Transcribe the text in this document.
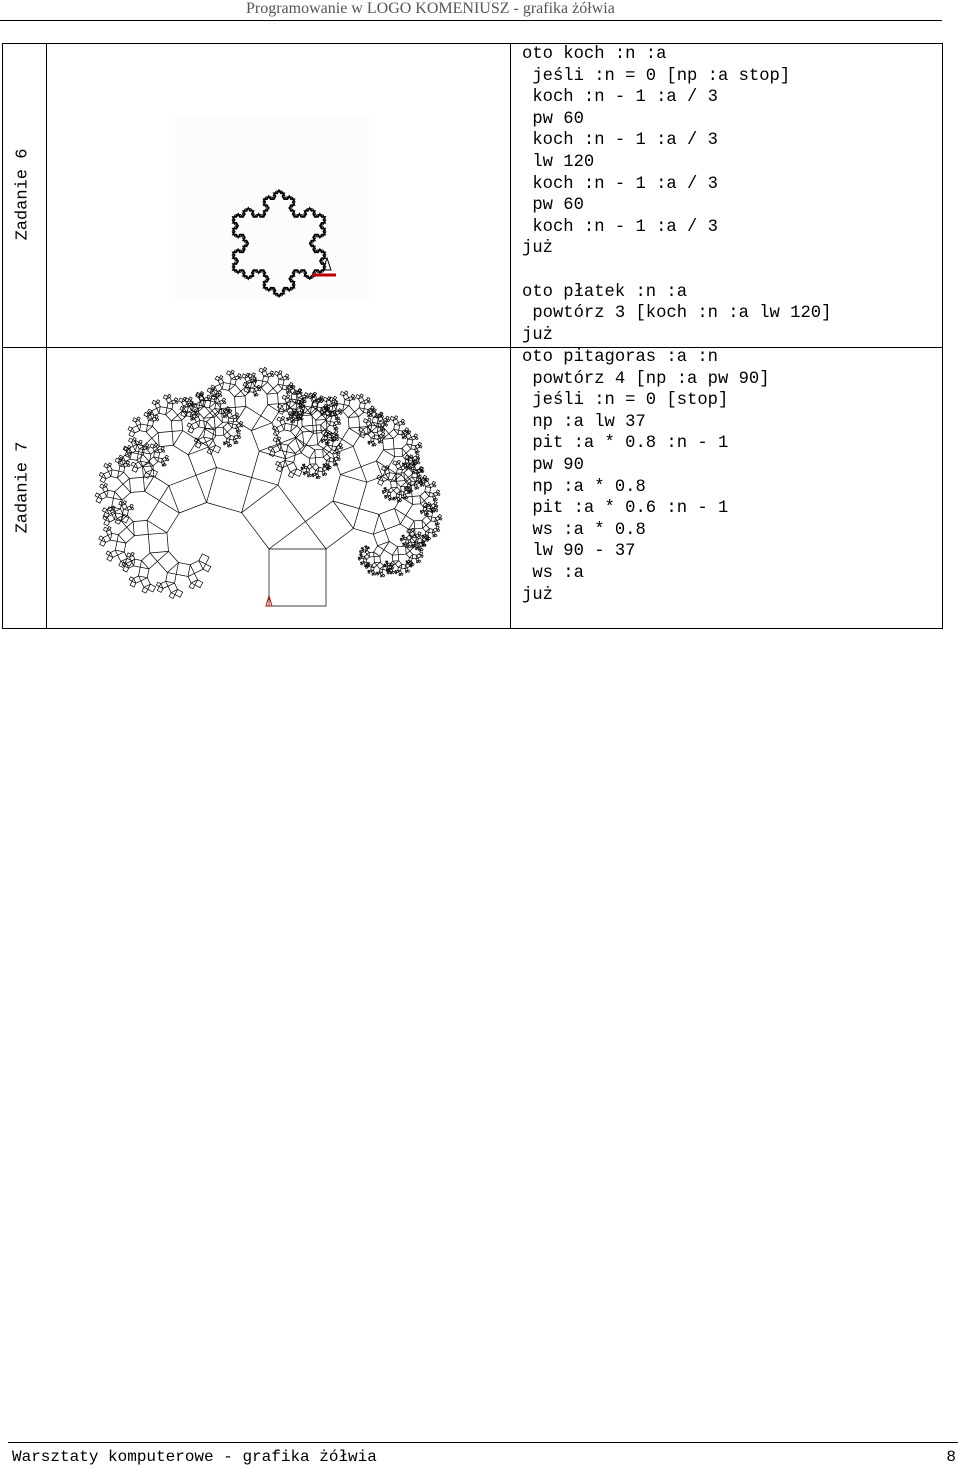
Programowanie w LOGO KOMENIUSZ - grafika żółwia
Zadanie 6
Zadanie 7
oto koch :n :a
jeśli :n = 0 [np :a stop]
koch :n - 1 :a / 3
pw 60
koch :n - 1 :a / 3
lw 120
koch :n - 1 :a / 3
pw 60
koch :n - 1 :a / 3
już
oto płatek :n :a
powtórz 3 [koch :n :a lw 120]
już
oto pitagoras :a :n
powtórz 4 [np :a pw 90]
jeśli :n = 0 [stop]
np :a lw 37
pit :a * 0.8 :n - 1
pw 90
np :a * 0.8
pit :a * 0.6 :n - 1
ws :a * 0.8
lw 90 - 37
ws :a
już
Warsztaty komputerowe - grafika żółwia	8
